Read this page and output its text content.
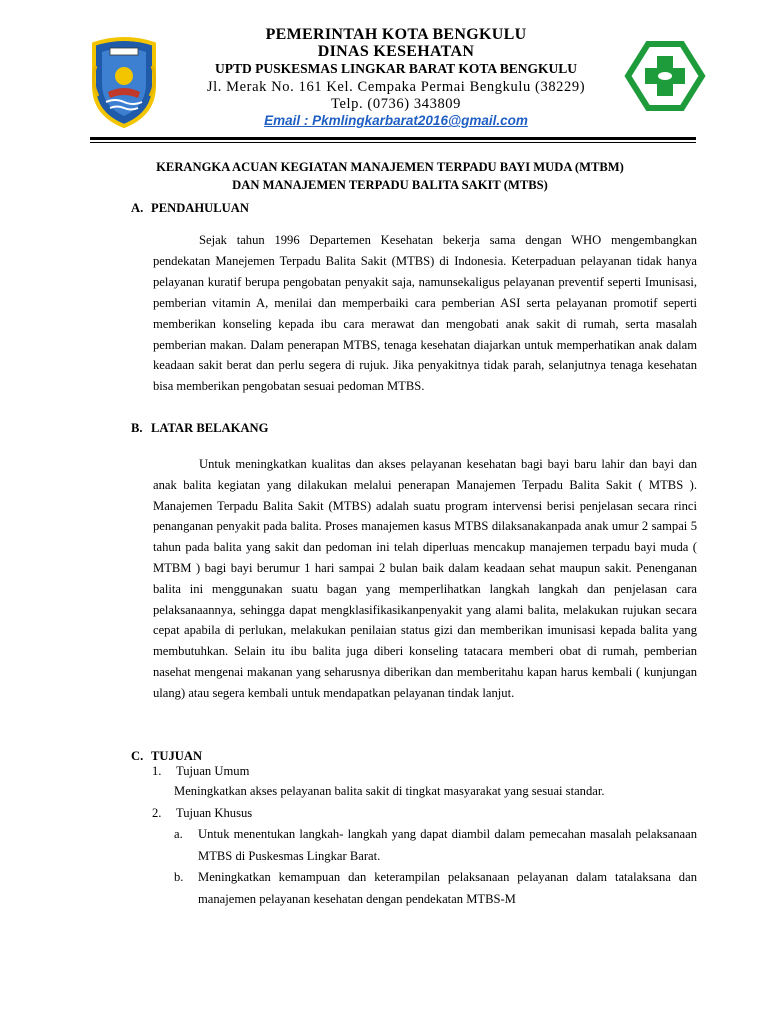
PEMERINTAH KOTA BENGKULU
DINAS KESEHATAN
UPTD PUSKESMAS LINGKAR BARAT KOTA BENGKULU
Jl. Merak No. 161 Kel. Cempaka Permai Bengkulu (38229)
Telp. (0736) 343809
Email : Pkmlingkarbarat2016@gmail.com
KERANGKA ACUAN KEGIATAN MANAJEMEN TERPADU BAYI MUDA (MTBM)
DAN MANAJEMEN TERPADU BALITA SAKIT (MTBS)
A. PENDAHULUAN

Sejak tahun 1996 Departemen Kesehatan bekerja sama dengan WHO mengembangkan pendekatan Manejemen Terpadu Balita Sakit (MTBS) di Indonesia. Keterpaduan pelayanan tidak hanya pelayanan kuratif berupa pengobatan penyakit saja, namunsekaligus pelayanan preventif seperti Imunisasi, pemberian vitamin A, menilai dan memperbaiki cara pemberian ASI serta pelayanan promotif seperti memberikan konseling kepada ibu cara merawat dan mengobati anak sakit di rumah, serta masalah pemberian makan. Dalam penerapan MTBS, tenaga kesehatan diajarkan untuk memperhatikan anak dalam keadaan sakit berat dan perlu segera di rujuk. Jika penyakitnya tidak parah, selanjutnya tenaga kesehatan bisa memberikan pengobatan sesuai pedoman MTBS.

B. LATAR BELAKANG

Untuk meningkatkan kualitas dan akses pelayanan kesehatan bagi bayi baru lahir dan bayi dan anak balita kegiatan yang dilakukan melalui penerapan Manajemen Terpadu Balita Sakit ( MTBS ). Manajemen Terpadu Balita Sakit (MTBS) adalah suatu program intervensi berisi penjelasan secara rinci penanganan penyakit pada balita. Proses manajemen kasus MTBS dilaksanakanpada anak umur 2 sampai 5 tahun pada balita yang sakit dan pedoman ini telah diperluas mencakup manajemen terpadu bayi muda ( MTBM ) bagi bayi berumur 1 hari sampai 2 bulan baik dalam keadaan sehat maupun sakit. Penenganan balita ini menggunakan suatu bagan yang memperlihatkan langkah langkah dan penjelasan cara pelaksanaannya, sehingga dapat mengklasifikasikanpenyakit yang alami balita, melakukan rujukan secara cepat apabila di perlukan, melakukan penilaian status gizi dan memberikan imunisasi kepada balita yang membutuhkan. Selain itu ibu balita juga diberi konseling tatacara memberi obat di rumah, pemberian nasehat mengenai makanan yang seharusnya diberikan dan memberitahu kapan harus kembali ( kunjungan ulang) atau segera kembali untuk mendapatkan pelayanan tindak lanjut.

C. TUJUAN
1. Tujuan Umum
Meningkatkan akses pelayanan balita sakit di tingkat masyarakat yang sesuai standar.
2. Tujuan Khusus
a. Untuk menentukan langkah- langkah yang dapat diambil dalam pemecahan masalah pelaksanaan MTBS di Puskesmas Lingkar Barat.
b. Meningkatkan kemampuan dan keterampilan pelaksanaan pelayanan dalam tatalaksana dan manajemen pelayanan kesehatan dengan pendekatan MTBS-M
